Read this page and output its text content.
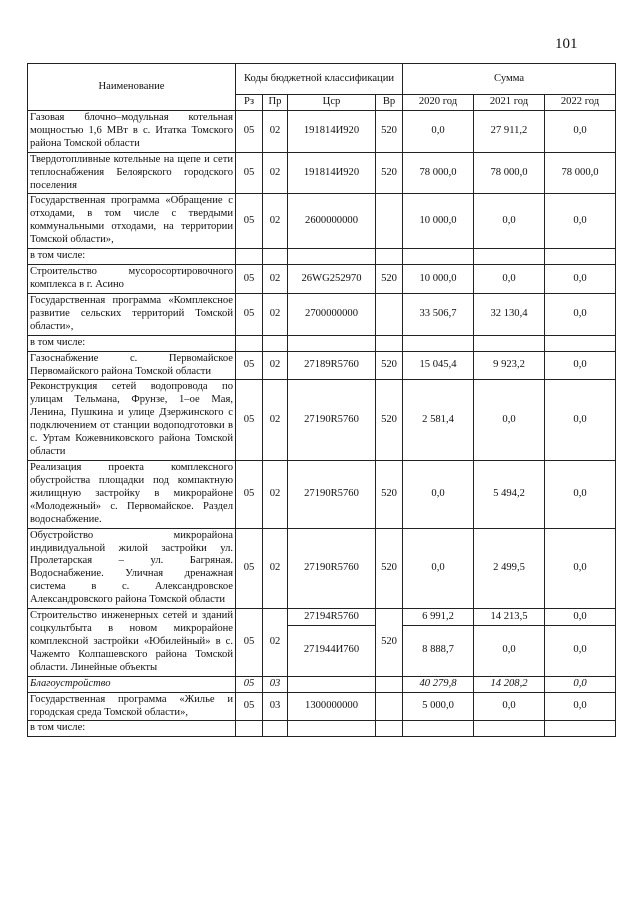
101
Наименование	Коды бюджетной классификации				Сумма		
	Рз	Пр	Цср	Вр	2020 год	2021 год	2022 год
Газовая блочно–модульная котельная мощностью 1,6 МВт в с. Итатка Томского района Томской области	05	02	191814И920	520	0,0	27 911,2	0,0
Твердотопливные котельные на щепе и сети теплоснабжения Белоярского городского поселения	05	02	191814И920	520	78 000,0	78 000,0	78 000,0
Государственная программа «Обращение с отходами, в том числе с твердыми коммунальными отходами, на территории Томской области»,	05	02	2600000000		10 000,0	0,0	0,0
в том числе:							
Строительство мусоросортировочного комплекса в г. Асино	05	02	26WG252970	520	10 000,0	0,0	0,0
Государственная программа «Комплексное развитие сельских территорий Томской области»,	05	02	2700000000		33 506,7	32 130,4	0,0
в том числе:							
Газоснабжение с. Первомайское Первомайского района Томской области	05	02	27189R5760	520	15 045,4	9 923,2	0,0
Реконструкция сетей водопровода по улицам Тельмана, Фрунзе, 1–ое Мая, Ленина, Пушкина и улице Дзержинского с подключением от станции водоподготовки в с. Уртам Кожевниковского района Томской области	05	02	27190R5760	520	2 581,4	0,0	0,0
Реализация проекта комплексного обустройства площадки под компактную жилищную застройку в микрорайоне «Молодежный» с. Первомайское. Раздел водоснабжение.	05	02	27190R5760	520	0,0	5 494,2	0,0
Обустройство микрорайона индивидуальной жилой застройки ул. Пролетарская – ул. Багряная. Водоснабжение. Уличная дренажная система в с. Александровское Александровского района Томской области	05	02	27190R5760	520	0,0	2 499,5	0,0
Строительство инженерных сетей и зданий соцкультбыта в новом микрорайоне комплексной застройки «Юбилейный» в с. Чажемто Колпашевского района Томской области. Линейные объекты	05	02	27194R5760	520	6 991,2	14 213,5	0,0
			271944И760		8 888,7	0,0	0,0
Благоустройство	05	03			40 279,8	14 208,2	0,0
Государственная программа «Жилье и городская среда Томской области»,	05	03	1300000000		5 000,0	0,0	0,0
в том числе:							
